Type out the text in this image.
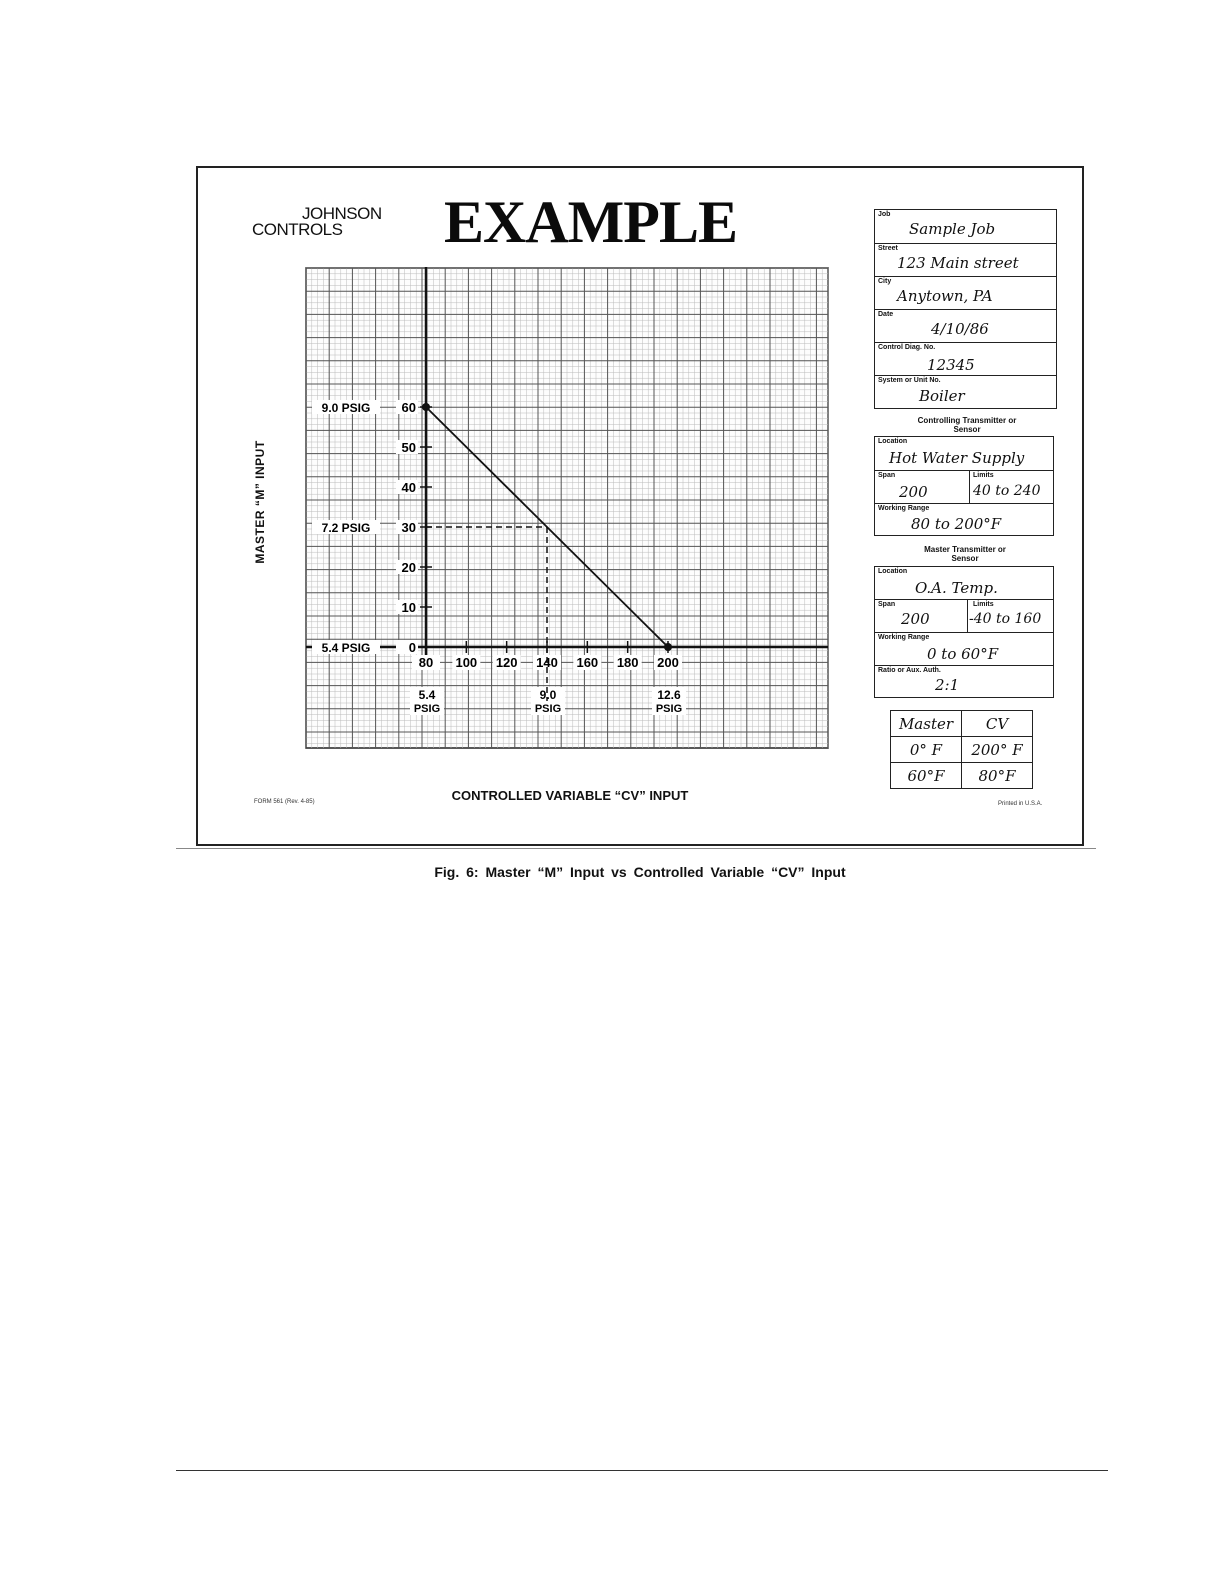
JOHNSON
CONTROLS EXAMPLE
0
10
20
30
40
50
60
80 100 120 140 160 180 200
9.0 PSIG
7.2 PSIG
5.4 PSIG
5.4
PSIG
9.0
PSIG
12.6
PSIG
MASTER “M” INPUT
CONTROLLED VARIABLE “CV” INPUT
FORM 561 (Rev. 4-85)	Printed in U.S.A.
Job
Sample Job
Street
123 Main street
City
Anytown, PA
Date
4/10/86
Control Diag. No.
12345
System or Unit No.
Boiler
Controlling Transmitter or Sensor
Location
Hot Water Supply
Span
200
Limits
40 to 240
Working Range
80 to 200°F
Master Transmitter or Sensor
Location
O.A. Temp.
Span
200
Limits
-40 to 160
Working Range
0 to 60°F
Ratio or Aux. Auth.
2:1
Master	CV
0° F	200° F
60°F	80°F
Fig. 6: Master “M” Input vs Controlled Variable “CV” Input
